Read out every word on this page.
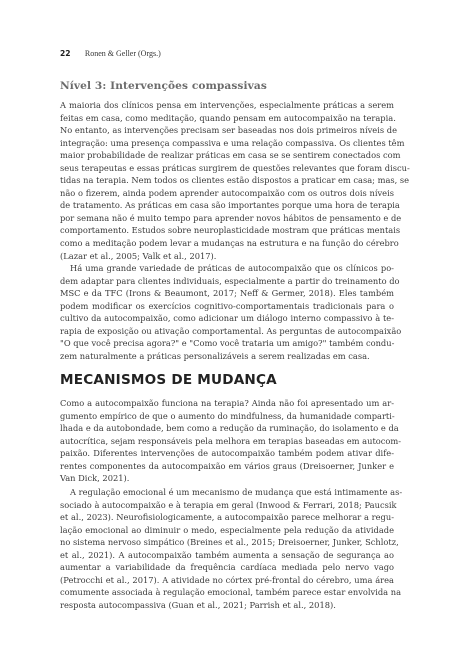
22 Ronen & Geller (Orgs.)
Nível 3: Intervenções compassivas
A maioria dos clínicos pensa em intervenções, especialmente práticas a serem
feitas em casa, como meditação, quando pensam em autocompaixão na terapia.
No entanto, as intervenções precisam ser baseadas nos dois primeiros níveis de
integração: uma presença compassiva e uma relação compassiva. Os clientes têm
maior probabilidade de realizar práticas em casa se se sentirem conectados com
seus terapeutas e essas práticas surgirem de questões relevantes que foram discu-
tidas na terapia. Nem todos os clientes estão dispostos a praticar em casa; mas, se
não o fizerem, ainda podem aprender autocompaixão com os outros dois níveis
de tratamento. As práticas em casa são importantes porque uma hora de terapia
por semana não é muito tempo para aprender novos hábitos de pensamento e de
comportamento. Estudos sobre neuroplasticidade mostram que práticas mentais
como a meditação podem levar a mudanças na estrutura e na função do cérebro
(Lazar et al., 2005; Valk et al., 2017).
Há uma grande variedade de práticas de autocompaixão que os clínicos po-
dem adaptar para clientes individuais, especialmente a partir do treinamento do
MSC e da TFC (Irons & Beaumont, 2017; Neff & Germer, 2018). Eles também
podem modificar os exercícios cognitivo-comportamentais tradicionais para o
cultivo da autocompaixão, como adicionar um diálogo interno compassivo à te-
rapia de exposição ou ativação comportamental. As perguntas de autocompaixão
"O que você precisa agora?" e "Como você trataria um amigo?" também condu-
zem naturalmente a práticas personalizáveis a serem realizadas em casa.
MECANISMOS DE MUDANÇA
Como a autocompaixão funciona na terapia? Ainda não foi apresentado um ar-
gumento empírico de que o aumento do mindfulness, da humanidade comparti-
lhada e da autobondade, bem como a redução da ruminação, do isolamento e da
autocrítica, sejam responsáveis pela melhora em terapias baseadas em autocom-
paixão. Diferentes intervenções de autocompaixão também podem ativar dife-
rentes componentes da autocompaixão em vários graus (Dreisoerner, Junker e
Van Dick, 2021).
A regulação emocional é um mecanismo de mudança que está intimamente as-
sociado à autocompaixão e à terapia em geral (Inwood & Ferrari, 2018; Paucsik
et al., 2023). Neurofisiologicamente, a autocompaixão parece melhorar a regu-
lação emocional ao diminuir o medo, especialmente pela redução da atividade
no sistema nervoso simpático (Breines et al., 2015; Dreisoerner, Junker, Schlotz,
et al., 2021). A autocompaixão também aumenta a sensação de segurança ao
aumentar a variabilidade da frequência cardíaca mediada pelo nervo vago
(Petrocchi et al., 2017). A atividade no córtex pré-frontal do cérebro, uma área
comumente associada à regulação emocional, também parece estar envolvida na
resposta autocompassiva (Guan et al., 2021; Parrish et al., 2018).
